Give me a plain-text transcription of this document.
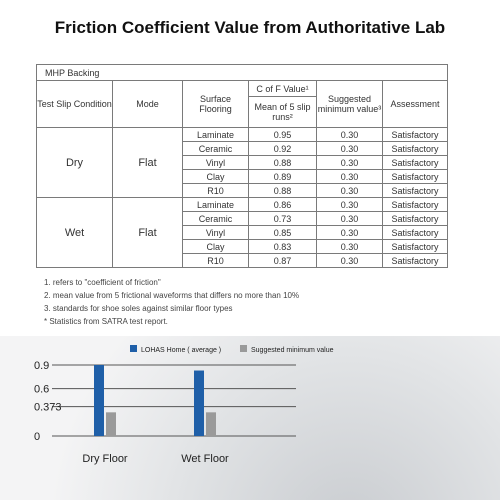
Friction Coefficient Value from Authoritative Lab
MHP Backing					
Test Slip Condition	Mode	Surface Flooring	C of F Value¹	Suggested minimum value³	Assessment
			Mean of 5 slip runs²		
Dry	Flat	Laminate	0.95	0.30	Satisfactory
		Ceramic	0.92	0.30	Satisfactory
		Vinyl	0.88	0.30	Satisfactory
		Clay	0.89	0.30	Satisfactory
		R10	0.88	0.30	Satisfactory
Wet	Flat	Laminate	0.86	0.30	Satisfactory
		Ceramic	0.73	0.30	Satisfactory
		Vinyl	0.85	0.30	Satisfactory
		Clay	0.83	0.30	Satisfactory
		R10	0.87	0.30	Satisfactory
1. refers to "coefficient of friction"
2. mean value from 5 frictional waveforms that differs no more than 10%
3. standards for shoe soles against similar floor types
* Statistics from SATRA test report.
0.9
0.6
0.373
0
LOHAS Home ( average )	Suggested minimum value
Dry Floor	Wet Floor
